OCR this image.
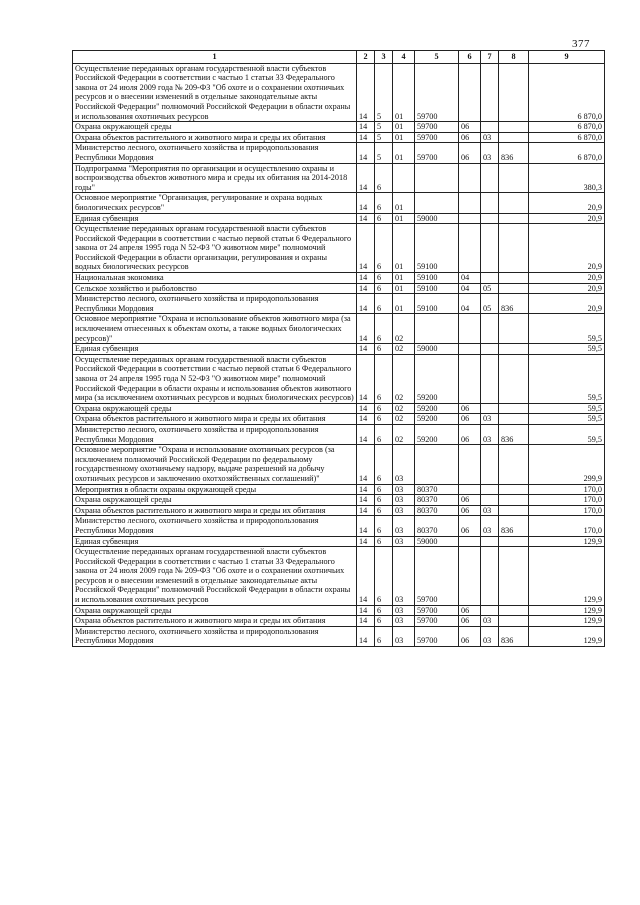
377
1	2	3	4	5	6	7	8	9
Осуществление переданных органам государственной власти субъектов Российской Федерации в соответствии с частью 1 статьи 33 Федерального закона от 24 июля 2009 года № 209-ФЗ "Об охоте и о сохранении охотничьих ресурсов и о внесении изменений в отдельные законодательные акты Российской Федерации" полномочий Российской Федерации в области охраны и использования охотничьих ресурсов	14	5	01	59700				6 870,0
Охрана окружающей среды	14	5	01	59700	06			6 870,0
Охрана объектов растительного и животного мира и среды их обитания	14	5	01	59700	06	03		6 870,0
Министерство лесного, охотничьего хозяйства и природопользования Республики Мордовия	14	5	01	59700	06	03	836	6 870,0
Подпрограмма "Мероприятия по организации и осуществлению охраны и воспроизводства объектов животного мира и среды их обитания на 2014-2018 годы"	14	6						380,3
Основное мероприятие "Организация, регулирование и охрана водных биологических ресурсов"	14	6	01					20,9
Единая субвенция	14	6	01	59000				20,9
Осуществление переданных органам государственной власти субъектов Российской Федерации в соответствии с частью первой статьи 6 Федерального закона от 24 апреля 1995 года N 52-ФЗ "О животном мире" полномочий Российской Федерации в области организации, регулирования и охраны водных биологических ресурсов	14	6	01	59100				20,9
Национальная экономика	14	6	01	59100	04			20,9
Сельское хозяйство и рыболовство	14	6	01	59100	04	05		20,9
Министерство лесного, охотничьего хозяйства и природопользования Республики Мордовия	14	6	01	59100	04	05	836	20,9
Основное мероприятие "Охрана и использование объектов животного мира (за исключением отнесенных к объектам охоты, а также водных биологических ресурсов)"	14	6	02					59,5
Единая субвенция	14	6	02	59000				59,5
Осуществление переданных органам государственной власти субъектов Российской Федерации в соответствии с частью первой статьи 6 Федерального закона от 24 апреля 1995 года N 52-ФЗ "О животном мире" полномочий Российской Федерации в области охраны и использования объектов животного мира (за исключением охотничьих ресурсов и водных биологических ресурсов)	14	6	02	59200				59,5
Охрана окружающей среды	14	6	02	59200	06			59,5
Охрана объектов растительного и животного мира и среды их обитания	14	6	02	59200	06	03		59,5
Министерство лесного, охотничьего хозяйства и природопользования Республики Мордовия	14	6	02	59200	06	03	836	59,5
Основное мероприятие "Охрана и использование охотничьих ресурсов (за исключением полномочий Российской Федерации по федеральному государственному охотничьему надзору, выдаче разрешений на добычу охотничьих ресурсов и заключению охотхозяйственных соглашений)"	14	6	03					299,9
Мероприятия в области охраны окружающей среды	14	6	03	80370				170,0
Охрана окружающей среды	14	6	03	80370	06			170,0
Охрана объектов растительного и животного мира и среды их обитания	14	6	03	80370	06	03		170,0
Министерство лесного, охотничьего хозяйства и природопользования Республики Мордовия	14	6	03	80370	06	03	836	170,0
Единая субвенция	14	6	03	59000				129,9
Осуществление переданных органам государственной власти субъектов Российской Федерации в соответствии с частью 1 статьи 33 Федерального закона от 24 июля 2009 года № 209-ФЗ "Об охоте и о сохранении охотничьих ресурсов и о внесении изменений в отдельные законодательные акты Российской Федерации" полномочий Российской Федерации в области охраны и использования охотничьих ресурсов	14	6	03	59700				129,9
Охрана окружающей среды	14	6	03	59700	06			129,9
Охрана объектов растительного и животного мира и среды их обитания	14	6	03	59700	06	03		129,9
Министерство лесного, охотничьего хозяйства и природопользования Республики Мордовия	14	6	03	59700	06	03	836	129,9
